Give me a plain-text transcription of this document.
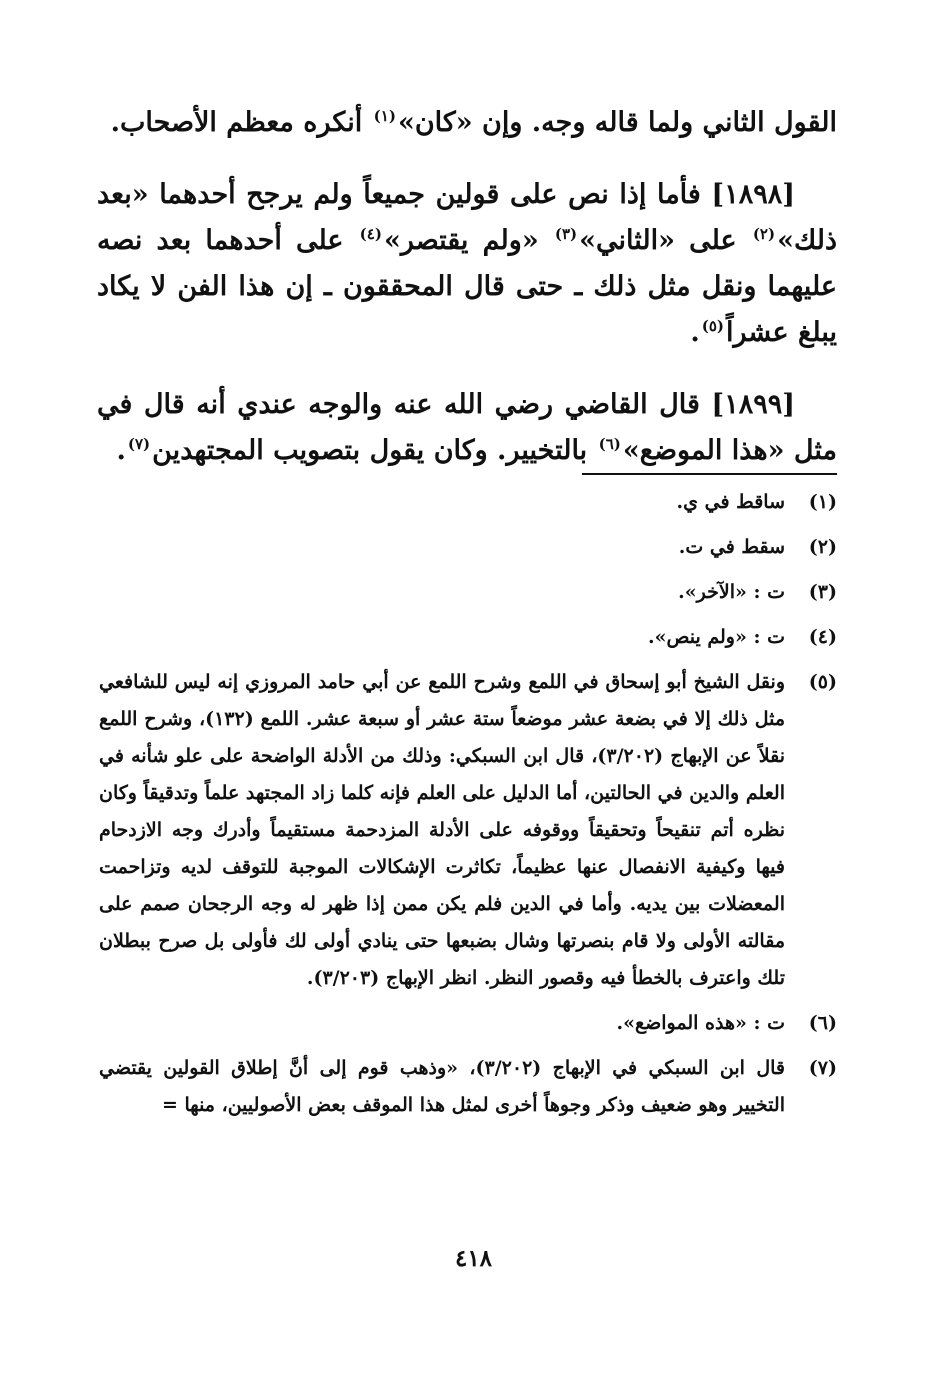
القول الثاني ولما قاله وجه. وإن «كان»$^{(١)}$ أنكره معظم الأصحاب.

[١٨٩٨] فأما إذا نص على قولين جميعاً ولم يرجح أحدهما «بعد ذلك»$^{(٢)}$ على «الثاني»$^{(٣)}$ «ولم يقتصر»$^{(٤)}$ على أحدهما بعد نصه عليهما ونقل مثل ذلك ـ حتى قال المحققون ـ إن هذا الفن لا يكاد يبلغ عشراً$^{(٥)}$.

[١٨٩٩] قال القاضي رضي الله عنه والوجه عندي أنه قال في مثل «هذا الموضع»$^{(٦)}$ بالتخيير. وكان يقول بتصويب المجتهدين$^{(٧)}$.

(١)
ساقط في ي.
(٢)
سقط في ت.
(٣)
ت : «الآخر».
(٤)
ت : «ولم ينص».
(٥)
ونقل الشيخ أبو إسحاق في اللمع وشرح اللمع عن أبي حامد المروزي إنه ليس للشافعي مثل ذلك إلا في بضعة عشر موضعاً ستة عشر أو سبعة عشر. اللمع (١٣٢)، وشرح اللمع نقلاً عن الإبهاج (٣/٢٠٢)، قال ابن السبكي: وذلك من الأدلة الواضحة على علو شأنه في العلم والدين في الحالتين، أما الدليل على العلم فإنه كلما زاد المجتهد علماً وتدقيقاً وكان نظره أتم تنقيحاً وتحقيقاً ووقوفه على الأدلة المزدحمة مستقيماً وأدرك وجه الازدحام فيها وكيفية الانفصال عنها عظيماً، تكاثرت الإشكالات الموجبة للتوقف لديه وتزاحمت المعضلات بين يديه. وأما في الدين فلم يكن ممن إذا ظهر له وجه الرجحان صمم على مقالته الأولى ولا قام بنصرتها وشال بضبعها حتى ينادي أولى لك فأولى بل صرح ببطلان تلك واعترف بالخطأ فيه وقصور النظر. انظر الإبهاج (٣/٢٠٣).
(٦)
ت : «هذه المواضع».
(٧)
قال ابن السبكي في الإبهاج (٣/٢٠٢)، «وذهب قوم إلى أنَّ إطلاق القولين يقتضي التخيير وهو ضعيف وذكر وجوهاً أخرى لمثل هذا الموقف بعض الأصوليين، منها =
٤١٨
